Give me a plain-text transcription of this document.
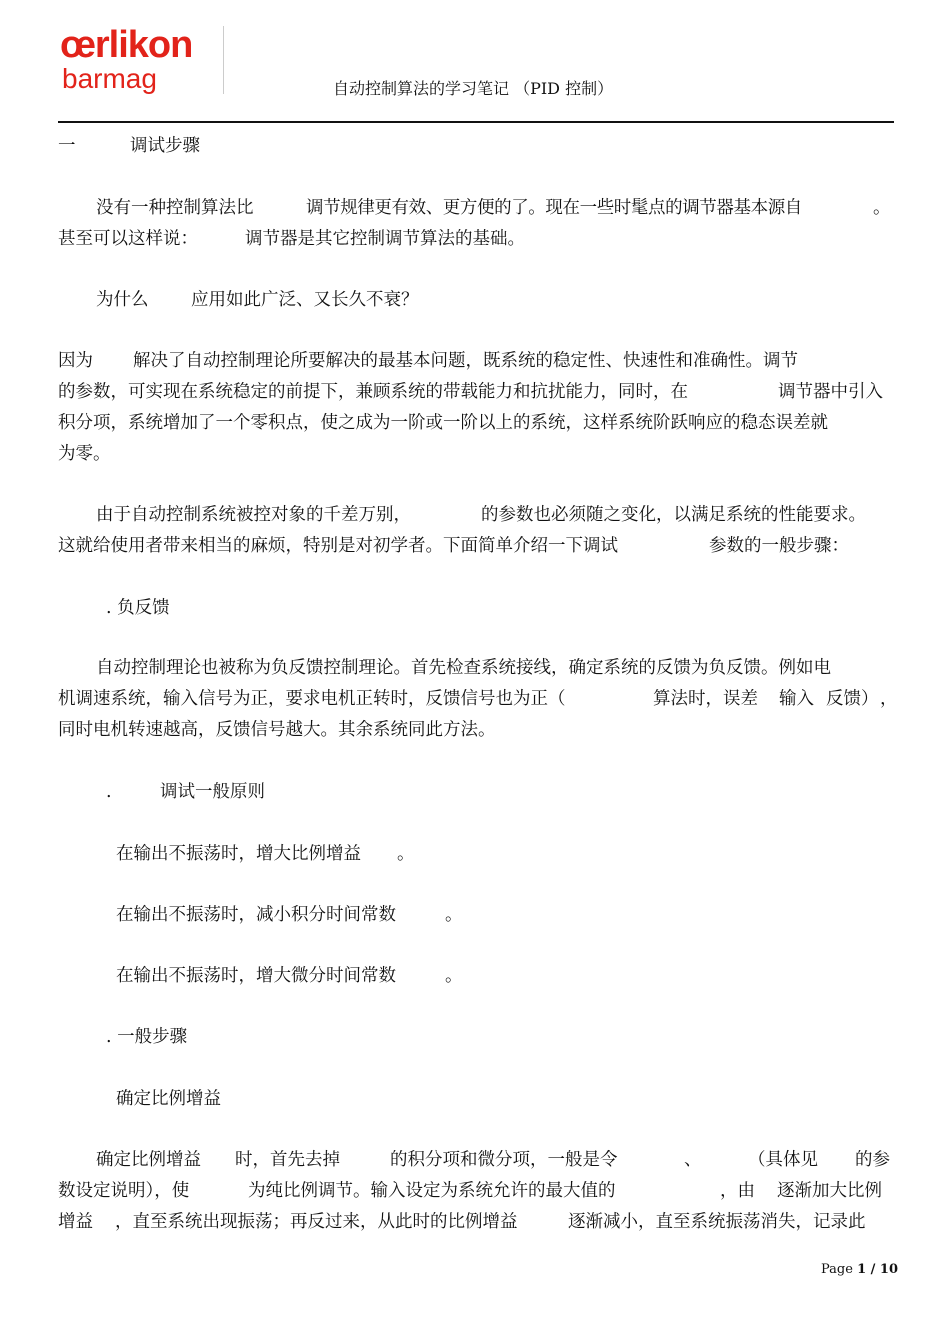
œrlikon
barmag	自动控制算法的学习笔记 （PID 控制）
一	调试步骤
没有一种控制算法比	调节规律更有效、更方便的了。现在一些时髦点的调节器基本源自	。
甚至可以这样说：	调节器是其它控制调节算法的基础。
为什么 应用如此广泛、又长久不衰？
因为 解决了自动控制理论所要解决的最基本问题，既系统的稳定性、快速性和准确性。调节
的参数，可实现在系统稳定的前提下，兼顾系统的带载能力和抗扰能力，同时，在	调节器中引入
积分项，系统增加了一个零积点，使之成为一阶或一阶以上的系统，这样系统阶跃响应的稳态误差就
为零。
由于自动控制系统被控对象的千差万别，	的参数也必须随之变化，以满足系统的性能要求。
这就给使用者带来相当的麻烦，特别是对初学者。下面简单介绍一下调试	参数的一般步骤：
. 负反馈
自动控制理论也被称为负反馈控制理论。首先检查系统接线，确定系统的反馈为负反馈。例如电
机调速系统，输入信号为正，要求电机正转时，反馈信号也为正（	算法时，误差 输入 反馈） ，
同时电机转速越高，反馈信号越大。其余系统同此方法。
.	调试一般原则
在输出不振荡时，增大比例增益 。
在输出不振荡时，减小积分时间常数	。
在输出不振荡时，增大微分时间常数	。
. 一般步骤
确定比例增益
确定比例增益 时，首先去掉	的积分项和微分项，一般是令	、	（具体见 的参
数设定说明），使	为纯比例调节。输入设定为系统允许的最大值的	，由 逐渐加大比例
增益 ，直至系统出现振荡；再反过来，从此时的比例增益	逐渐减小，直至系统振荡消失，记录此
Page 1 / 10
